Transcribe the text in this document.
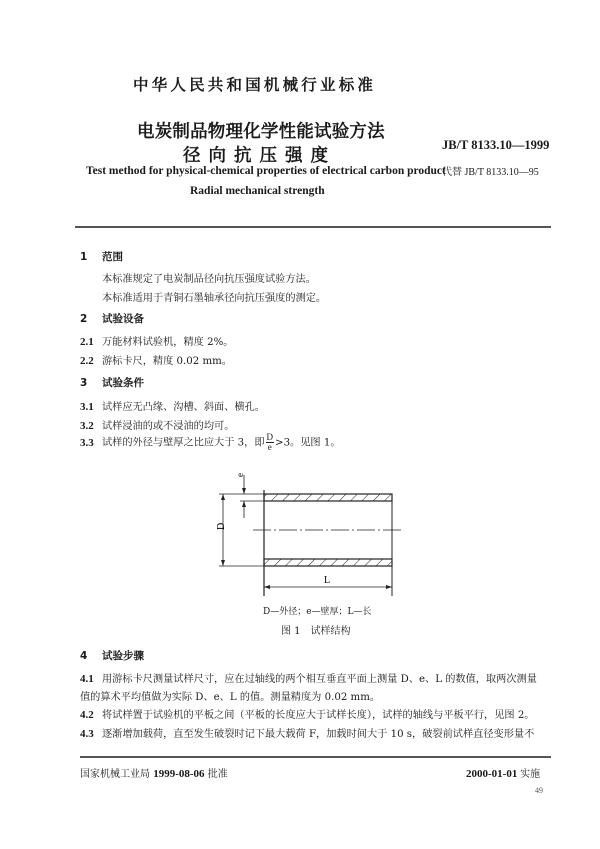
中华人民共和国机械行业标准
电炭制品物理化学性能试验方法
径向抗压强度
JB/T 8133.10—1999
代替 JB/T 8133.10—95
Test method for physical-chemical properties of electrical carbon product
Radial mechanical strength
1 范围
本标准规定了电炭制品径向抗压强度试验方法。
本标准适用于青铜石墨轴承径向抗压强度的测定。
2 试验设备
2.1 万能材料试验机，精度 2%。
2.2 游标卡尺，精度 0.02 mm。
3 试验条件
3.1 试样应无凸缘、沟槽、斜面、横孔。
3.2 试样浸油的或不浸油的均可。
3.3 试样的外径与壁厚之比应大于 3，即 $\frac{D}{e} >3$。见图 1。
D
e
L
D—外径；e—壁厚；L—长
图 1　试样结构
4 试验步骤
4.1 用游标卡尺测量试样尺寸，应在过轴线的两个相互垂直平面上测量 D、e、L 的数值，取两次测量
值的算术平均值做为实际 D、e、L 的值。测量精度为 0.02 mm。
4.2 将试样置于试验机的平板之间（平板的长度应大于试样长度），试样的轴线与平板平行，见图 2。
4.3 逐渐增加载荷，直至发生破裂时记下最大载荷 F，加载时间大于 10 s，破裂前试样直径变形量不
国家机械工业局 1999-08-06 批准	2000-01-01 实施
49
